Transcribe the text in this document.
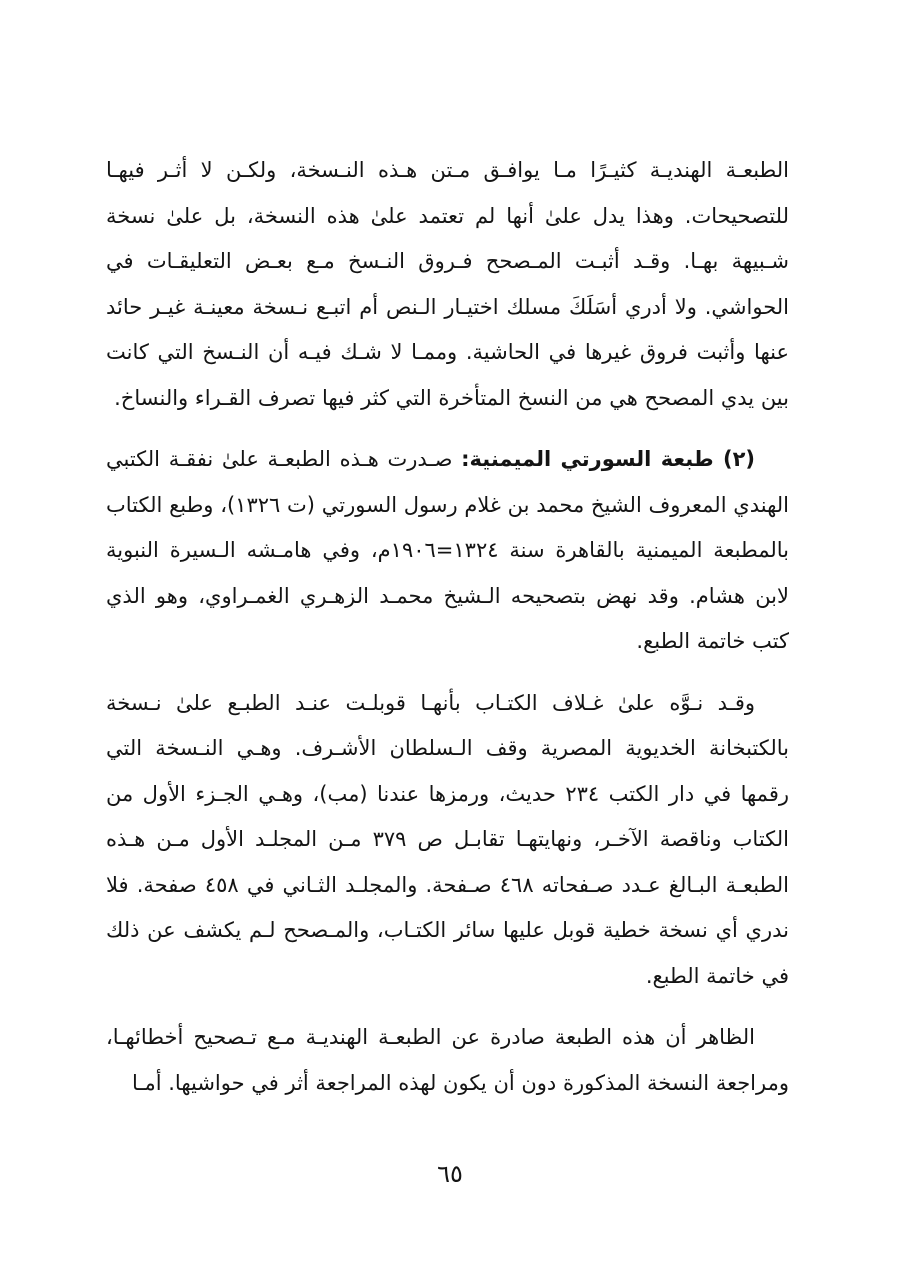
الطبعـة الهنديـة كثيـرًا مـا يوافـق مـتن هـذه النـسخة، ولكـن لا أثـر فيهـا للتصحيحات. وهذا يدل علىٰ أنها لم تعتمد علىٰ هذه النسخة، بل علىٰ نسخة شـبيهة بهـا. وقـد أثبـت المـصحح فـروق النـسخ مـع بعـض التعليقـات في الحواشي. ولا أدري أسَلَكَ مسلك اختيـار الـنص أم اتبـع نـسخة معينـة غيـر حائد عنها وأثبت فروق غيرها في الحاشية. وممـا لا شـك فيـه أن النـسخ التي كانت بين يدي المصحح هي من النسخ المتأخرة التي كثر فيها تصرف القـراء والنساخ.

(٢) طبعة السورتي الميمنية: صـدرت هـذه الطبعـة علىٰ نفقـة الكتبي الهندي المعروف الشيخ محمد بن غلام رسول السورتي (ت ١٣٢٦)، وطبع الكتاب بالمطبعة الميمنية بالقاهرة سنة ١٣٢٤=١٩٠٦م، وفي هامـشه الـسيرة النبوية لابن هشام. وقد نهض بتصحيحه الـشيخ محمـد الزهـري الغمـراوي، وهو الذي كتب خاتمة الطبع.

وقـد نـوَّه علىٰ غـلاف الكتـاب بأنهـا قوبلـت عنـد الطبـع علىٰ نـسخة بالكتبخانة الخديوية المصرية وقف الـسلطان الأشـرف. وهـي النـسخة التي رقمها في دار الكتب ٢٣٤ حديث، ورمزها عندنا (مب)، وهـي الجـزء الأول من الكتاب وناقصة الآخـر، ونهايتهـا تقابـل ص ٣٧٩ مـن المجلـد الأول مـن هـذه الطبعـة البـالغ عـدد صـفحاته ٤٦٨ صـفحة. والمجلـد الثـاني في ٤٥٨ صفحة. فلا ندري أي نسخة خطية قوبل عليها سائر الكتـاب، والمـصحح لـم يكشف عن ذلك في خاتمة الطبع.

الظاهر أن هذه الطبعة صادرة عن الطبعـة الهنديـة مـع تـصحيح أخطائهـا، ومراجعة النسخة المذكورة دون أن يكون لهذه المراجعة أثر في حواشيها. أمـا

٦٥
